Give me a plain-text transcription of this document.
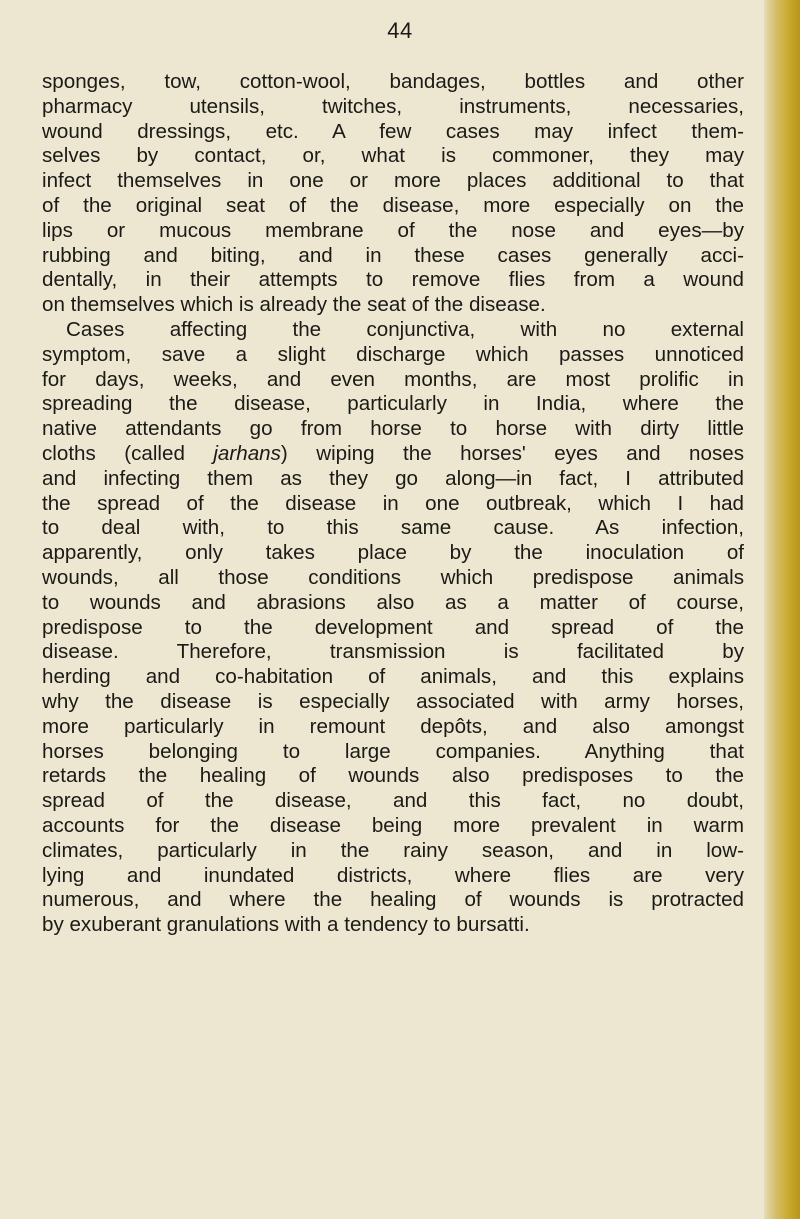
44
sponges, tow, cotton-wool, bandages, bottles and other
pharmacy utensils, twitches, instruments, necessaries,
wound dressings, etc. A few cases may infect them-
selves by contact, or, what is commoner, they may
infect themselves in one or more places additional to that
of the original seat of the disease, more especially on the
lips or mucous membrane of the nose and eyes—by
rubbing and biting, and in these cases generally acci-
dentally, in their attempts to remove flies from a wound
on themselves which is already the seat of the disease.
Cases affecting the conjunctiva, with no external
symptom, save a slight discharge which passes unnoticed
for days, weeks, and even months, are most prolific in
spreading the disease, particularly in India, where the
native attendants go from horse to horse with dirty little
cloths (called jarhans) wiping the horses' eyes and noses
and infecting them as they go along—in fact, I attributed
the spread of the disease in one outbreak, which I had
to deal with, to this same cause. As infection,
apparently, only takes place by the inoculation of
wounds, all those conditions which predispose animals
to wounds and abrasions also as a matter of course,
predispose to the development and spread of the
disease. Therefore, transmission is facilitated by
herding and co-habitation of animals, and this explains
why the disease is especially associated with army horses,
more particularly in remount depôts, and also amongst
horses belonging to large companies. Anything that
retards the healing of wounds also predisposes to the
spread of the disease, and this fact, no doubt,
accounts for the disease being more prevalent in warm
climates, particularly in the rainy season, and in low-
lying and inundated districts, where flies are very
numerous, and where the healing of wounds is protracted
by exuberant granulations with a tendency to bursatti.
